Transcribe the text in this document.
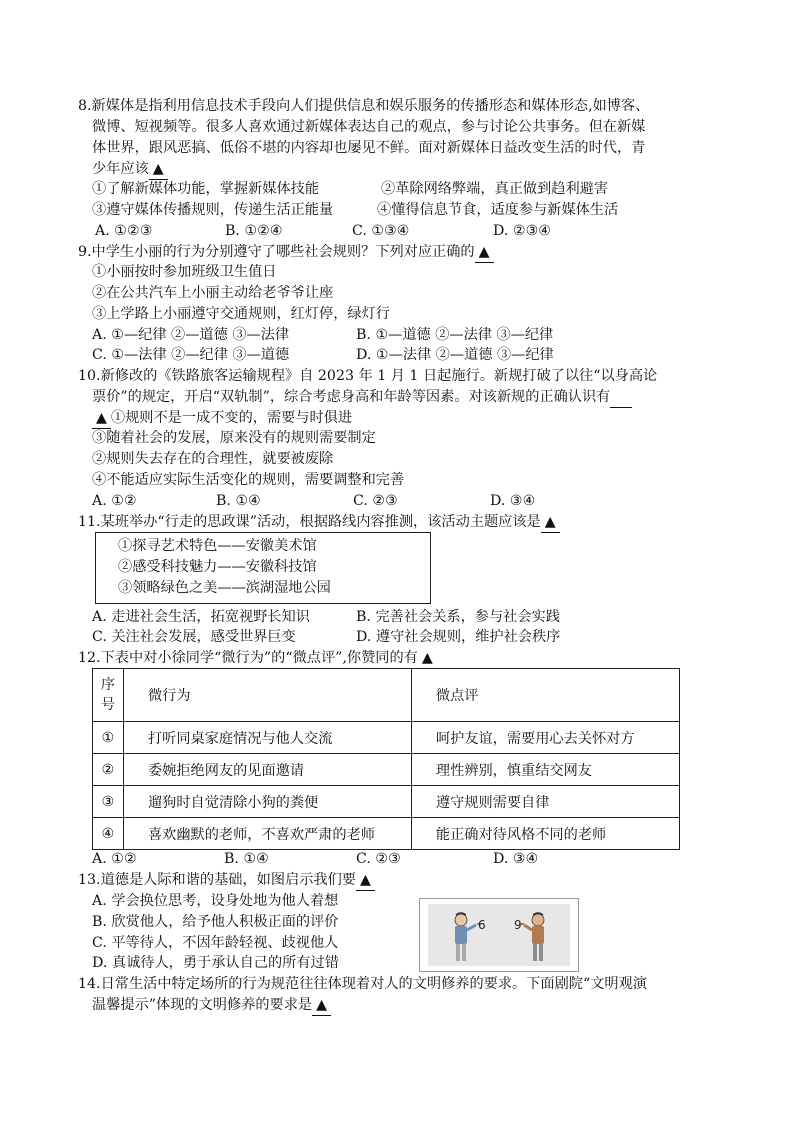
8.新媒体是指利用信息技术手段向人们提供信息和娱乐服务的传播形态和媒体形态,如博客、
微博、短视频等。很多人喜欢通过新媒体表达自己的观点，参与讨论公共事务。但在新媒
体世界，跟风恶搞、低俗不堪的内容却也屡见不鲜。面对新媒体日益改变生活的时代，青
少年应该 ▲
①了解新媒体功能，掌握新媒体技能	②革除网络弊端，真正做到趋利避害
③遵守媒体传播规则，传递生活正能量	④懂得信息节食，适度参与新媒体生活
A. ①②③	B. ①②④	C. ①③④	D. ②③④
9.中学生小丽的行为分别遵守了哪些社会规则？下列对应正确的 ▲
①小丽按时参加班级卫生值日
②在公共汽车上小丽主动给老爷爷让座
③上学路上小丽遵守交通规则，红灯停，绿灯行
A. ①—纪律 ②—道德 ③—法律	B. ①—道德 ②—法律 ③—纪律
C. ①—法律 ②—纪律 ③—道德	D. ①—法律 ②—道德 ③—纪律
10.新修改的《铁路旅客运输规程》自 2023 年 1 月 1 日起施行。新规打破了以往“以身高论
票价”的规定，开启“双轨制”，综合考虑身高和年龄等因素。对该新规的正确认识有
▲ ①规则不是一成不变的，需要与时俱进
③随着社会的发展，原来没有的规则需要制定
②规则失去存在的合理性，就要被废除
④不能适应实际生活变化的规则，需要调整和完善
A. ①②	B. ①④	C. ②③	D. ③④
11.某班举办“行走的思政课”活动，根据路线内容推测，该活动主题应该是 ▲
①探寻艺术特色——安徽美术馆
②感受科技魅力——安徽科技馆
③领略绿色之美——滨湖湿地公园
A. 走进社会生活，拓宽视野长知识	B. 完善社会关系，参与社会实践
C. 关注社会发展，感受世界巨变	D. 遵守社会规则，维护社会秩序
12.下表中对小徐同学“微行为”的“微点评”,你赞同的有 ▲
序号	微行为	微点评
①	打听同桌家庭情况与他人交流	呵护友谊，需要用心去关怀对方
②	委婉拒绝网友的见面邀请	理性辨别，慎重结交网友
③	遛狗时自觉清除小狗的粪便	遵守规则需要自律
④	喜欢幽默的老师，不喜欢严肃的老师	能正确对待风格不同的老师
A. ①②	B. ①④	C. ②③	D. ③④
13.道德是人际和谐的基础，如图启示我们要 ▲
A. 学会换位思考，设身处地为他人着想
B. 欣赏他人，给予他人积极正面的评价
C. 平等待人，不因年龄轻视、歧视他人
D. 真诚待人，勇于承认自己的所有过错
6 9
14.日常生活中特定场所的行为规范往往体现着对人的文明修养的要求。下面剧院“文明观演
温馨提示”体现的文明修养的要求是 ▲
